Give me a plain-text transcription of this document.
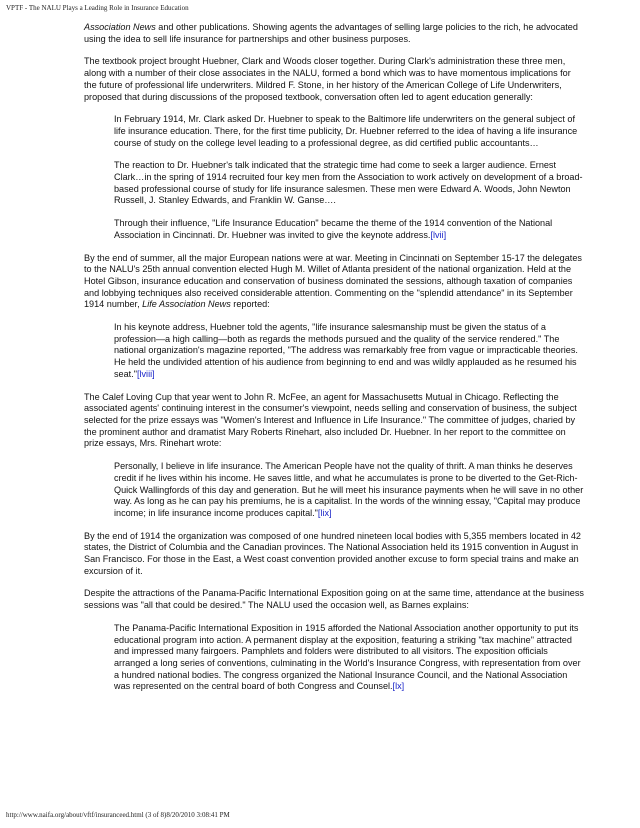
VPTF - The NALU Plays a Leading Role in Insurance Education

Association News and other publications. Showing agents the advantages of selling large policies to the rich, he advocated using the idea to sell life insurance for partnerships and other business purposes.

The textbook project brought Huebner, Clark and Woods closer together. During Clark's administration these three men, along with a number of their close associates in the NALU, formed a bond which was to have momentous implications for the future of professional life underwriters. Mildred F. Stone, in her history of the American College of Life Underwriters, proposed that during discussions of the proposed textbook, conversation often led to agent education generally:

In February 1914, Mr. Clark asked Dr. Huebner to speak to the Baltimore life underwriters on the general subject of life insurance education. There, for the first time publicity, Dr. Huebner referred to the idea of having a life insurance course of study on the college level leading to a professional degree, as did certified public accountants…

The reaction to Dr. Huebner's talk indicated that the strategic time had come to seek a larger audience. Ernest Clark…in the spring of 1914 recruited four key men from the Association to work actively on development of a broad-based professional course of study for life insurance salesmen. These men were Edward A. Woods, John Newton Russell, J. Stanley Edwards, and Franklin W. Ganse….

Through their influence, "Life Insurance Education" became the theme of the 1914 convention of the National Association in Cincinnati. Dr. Huebner was invited to give the keynote address.[lvii]

By the end of summer, all the major European nations were at war. Meeting in Cincinnati on September 15-17 the delegates to the NALU's 25th annual convention elected Hugh M. Willet of Atlanta president of the national organization. Held at the Hotel Gibson, insurance education and conservation of business dominated the sessions, although taxation of companies and lobbying techniques also received considerable attention. Commenting on the "splendid attendance" in its September 1914 number, Life Association News reported:

In his keynote address, Huebner told the agents, "life insurance salesmanship must be given the status of a profession—a high calling—both as regards the methods pursued and the quality of the service rendered." The national organization's magazine reported, "The address was remarkably free from vague or impracticable theories. He held the undivided attention of his audience from beginning to end and was wildly applauded as he resumed his seat."[lviii]

The Calef Loving Cup that year went to John R. McFee, an agent for Massachusetts Mutual in Chicago. Reflecting the associated agents' continuing interest in the consumer's viewpoint, needs selling and conservation of business, the subject selected for the prize essays was "Women's Interest and Influence in Life Insurance." The committee of judges, charied by the prominent author and dramatist Mary Roberts Rinehart, also included Dr. Huebner. In her report to the committee on prize essays, Mrs. Rinehart wrote:

Personally, I believe in life insurance. The American People have not the quality of thrift. A man thinks he deserves credit if he lives within his income. He saves little, and what he accumulates is prone to be diverted to the Get-Rich-Quick Wallingfords of this day and generation. But he will meet his insurance payments when he will save in no other way. As long as he can pay his premiums, he is a capitalist. In the words of the winning essay, "Capital may produce income; in life insurance income produces capital."[lix]

By the end of 1914 the organization was composed of one hundred nineteen local bodies with 5,355 members located in 42 states, the District of Columbia and the Canadian provinces. The National Association held its 1915 convention in August in San Francisco. For those in the East, a West coast convention provided another excuse to form special trains and make an excursion of it.

Despite the attractions of the Panama-Pacific International Exposition going on at the same time, attendance at the business sessions was "all that could be desired." The NALU used the occasion well, as Barnes explains:

The Panama-Pacific International Exposition in 1915 afforded the National Association another opportunity to put its educational program into action. A permanent display at the exposition, featuring a striking "tax machine" attracted and impressed many fairgoers. Pamphlets and folders were distributed to all visitors. The exposition officials arranged a long series of conventions, culminating in the World's Insurance Congress, with representation from over a hundred national bodies. The congress organized the National Insurance Council, and the National Association was represented on the central board of both Congress and Counsel.[lx]

http://www.naifa.org/about/vftf/insuranceed.html (3 of 8)8/20/2010 3:08:41 PM
